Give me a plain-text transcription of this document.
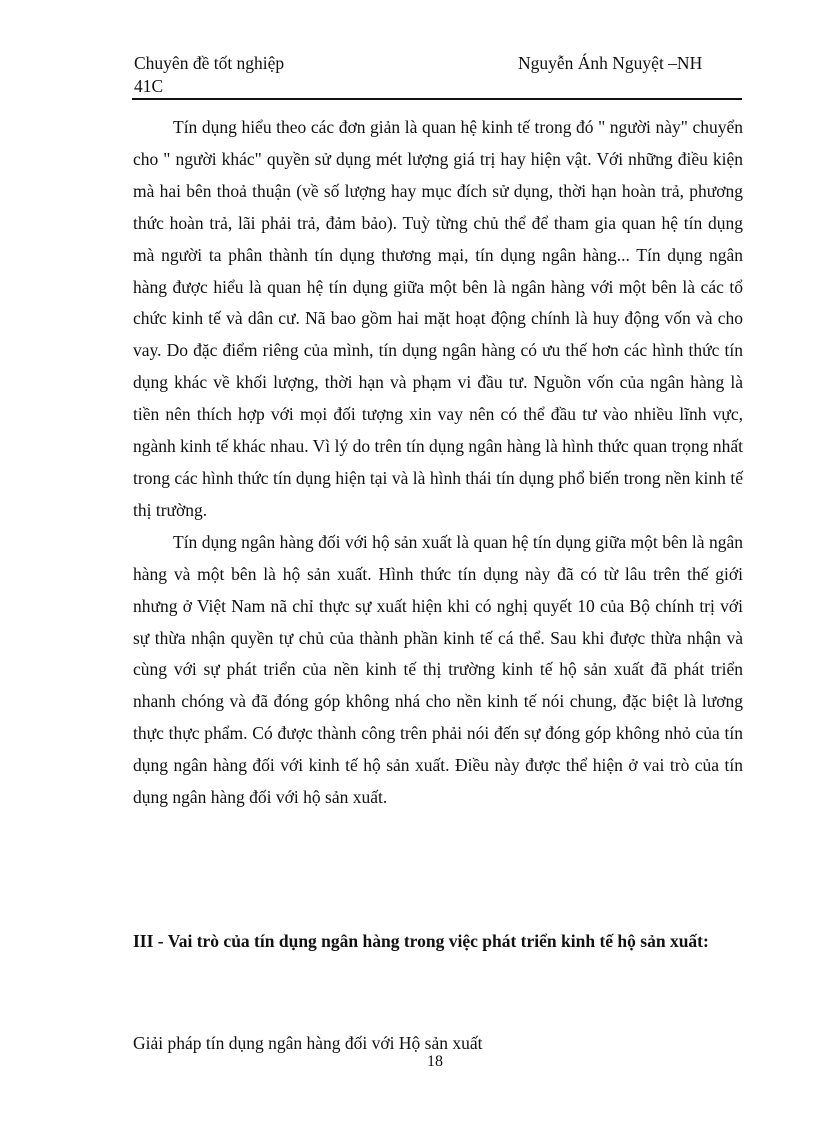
Chuyên đề tốt nghiệp
41C
Nguyễn Ánh Nguyệt –NH

Tín dụng hiểu theo các đơn giản là quan hệ kinh tế trong đó " người này" chuyển cho " người khác" quyền sử dụng mét lượng giá trị hay hiện vật. Với những điều kiện mà hai bên thoả thuận (về số lượng hay mục đích sử dụng, thời hạn hoàn trả, phương thức hoàn trả, lãi phải trả, đảm bảo). Tuỳ từng chủ thể để tham gia quan hệ tín dụng mà người ta phân thành tín dụng thương mại, tín dụng ngân hàng... Tín dụng ngân hàng được hiểu là quan hệ tín dụng giữa một bên là ngân hàng với một bên là các tổ chức kinh tế và dân cư. Nã bao gồm hai mặt hoạt động chính là huy động vốn và cho vay. Do đặc điểm riêng của mình, tín dụng ngân hàng có ưu thế hơn các hình thức tín dụng khác về khối lượng, thời hạn và phạm vi đầu tư. Nguồn vốn của ngân hàng là tiền nên thích hợp với mọi đối tượng xin vay nên có thể đầu tư vào nhiều lĩnh vực, ngành kinh tế khác nhau. Vì lý do trên tín dụng ngân hàng là hình thức quan trọng nhất trong các hình thức tín dụng hiện tại và là hình thái tín dụng phổ biến trong nền kinh tế thị trường.

Tín dụng ngân hàng đối với hộ sản xuất là quan hệ tín dụng giữa một bên là ngân hàng và một bên là hộ sản xuất. Hình thức tín dụng này đã có từ lâu trên thế giới nhưng ở Việt Nam nã chỉ thực sự xuất hiện khi có nghị quyết 10 của Bộ chính trị với sự thừa nhận quyền tự chủ của thành phần kinh tế cá thể. Sau khi được thừa nhận và cùng với sự phát triển của nền kinh tế thị trường kinh tế hộ sản xuất đã phát triển nhanh chóng và đã đóng góp không nhá cho nền kinh tế nói chung, đặc biệt là lương thực thực phẩm. Có được thành công trên phải nói đến sự đóng góp không nhỏ của tín dụng ngân hàng đối với kinh tế hộ sản xuất. Điều này được thể hiện ở vai trò của tín dụng ngân hàng đối với hộ sản xuất.

III - Vai trò của tín dụng ngân hàng trong việc phát triển kinh tế hộ sản xuất:
Giải pháp tín dụng ngân hàng đối với Hộ sản xuất
18
